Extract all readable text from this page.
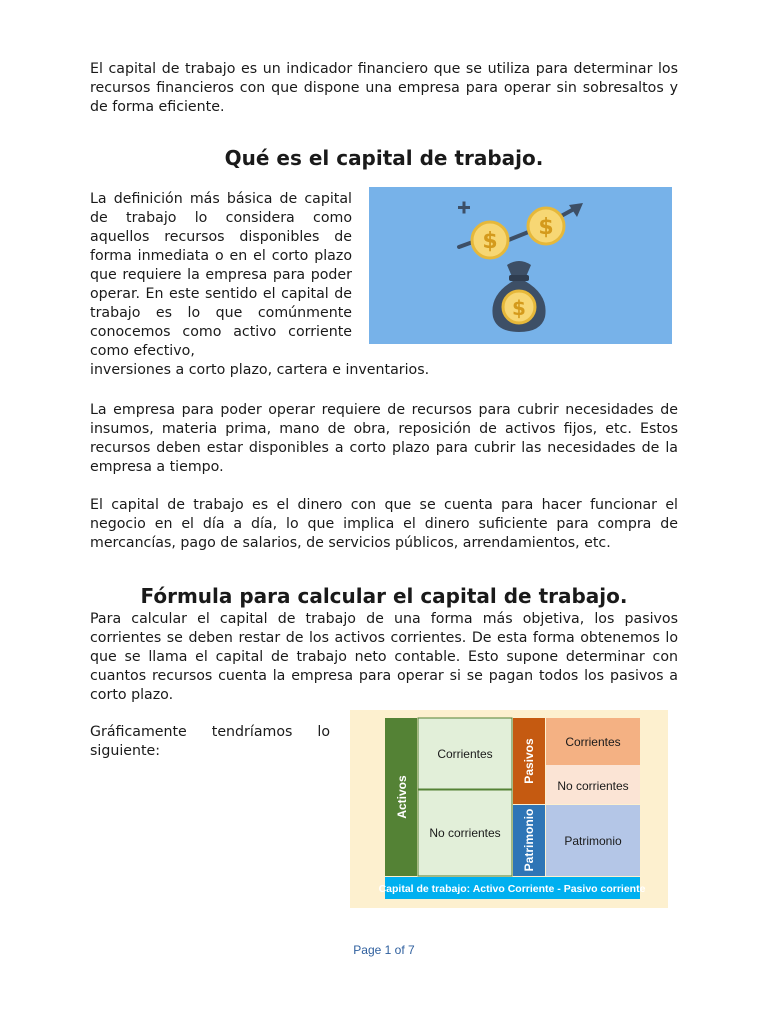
El capital de trabajo es un indicador financiero que se utiliza para determinar los recursos financieros con que dispone una empresa para operar sin sobresaltos y de forma eficiente.

Qué es el capital de trabajo.

La definición más básica de capital de trabajo lo considera como aquellos recursos disponibles de forma inmediata o en el corto plazo que requiere la empresa para poder operar. En este sentido el capital de trabajo es lo que comúnmente conocemos como activo corriente como efectivo,

inversiones a corto plazo, cartera e inventarios.

$
$
$

La empresa para poder operar requiere de recursos para cubrir necesidades de insumos, materia prima, mano de obra, reposición de activos fijos, etc. Estos recursos deben estar disponibles a corto plazo para cubrir las necesidades de la empresa a tiempo.

El capital de trabajo es el dinero con que se cuenta para hacer funcionar el negocio en el día a día, lo que implica el dinero suficiente para compra de mercancías, pago de salarios, de servicios públicos, arrendamientos, etc.

Fórmula para calcular el capital de trabajo.

Para calcular el capital de trabajo de una forma más objetiva, los pasivos corrientes se deben restar de los activos corrientes. De esta forma obtenemos lo que se llama el capital de trabajo neto contable. Esto supone determinar con cuantos recursos cuenta la empresa para operar si se pagan todos los pasivos a corto plazo.

Gráficamente tendríamos lo siguiente:

Activos
Corrientes
No corrientes
Pasivos Corrientes
No corrientes
Patrimonio Patrimonio
Capital de trabajo: Activo Corriente - Pasivo corriente
Page 1 of 7
